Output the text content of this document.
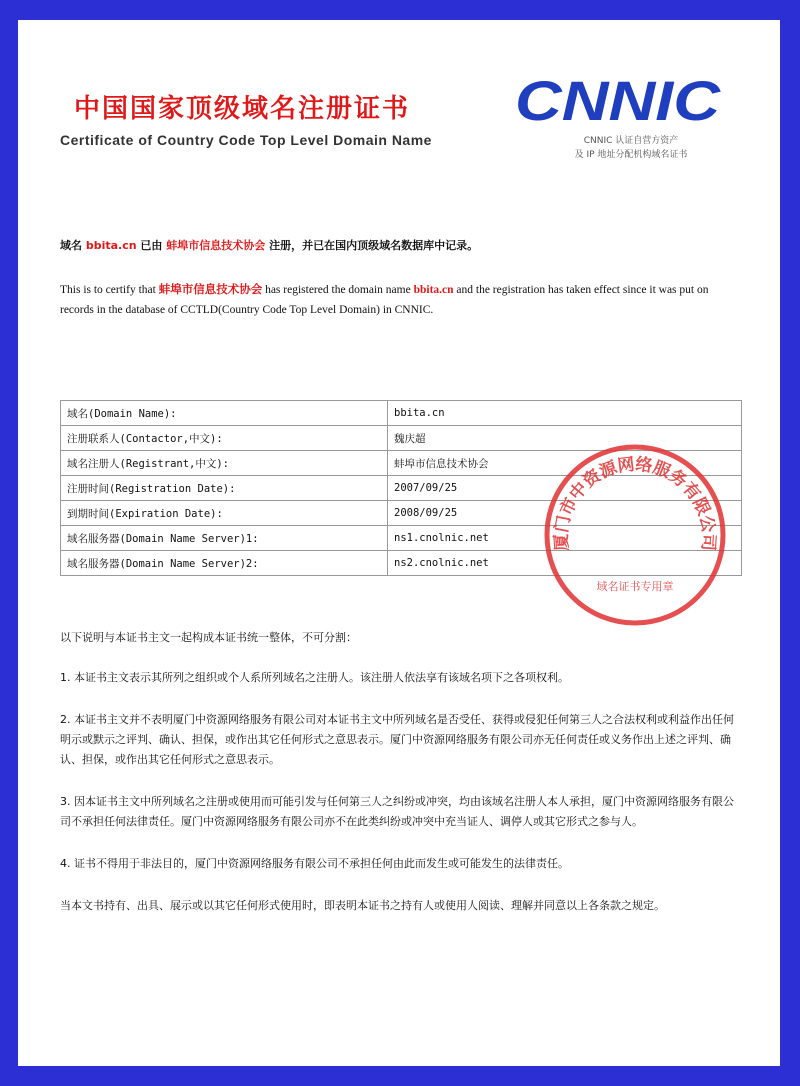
中国国家顶级域名注册证书
Certificate of Country Code Top Level Domain Name
CNNIC
CNNIC 认证自营方资产
及 IP 地址分配机构域名证书
域名 bbita.cn 已由 蚌埠市信息技术协会 注册，并已在国内顶级域名数据库中记录。
This is to certify that 蚌埠市信息技术协会 has registered the domain name bbita.cn and the registration has taken effect since it was put on records in the database of CCTLD(Country Code Top Level Domain) in CNNIC.
域名(Domain Name):	bbita.cn
注册联系人(Contactor,中文):	魏庆超
域名注册人(Registrant,中文):	蚌埠市信息技术协会
注册时间(Registration Date):	2007/09/25
到期时间(Expiration Date):	2008/09/25
域名服务器(Domain Name Server)1:	ns1.cnolnic.net
域名服务器(Domain Name Server)2:	ns2.cnolnic.net
厦门市中资源网络服务有限公司
域名证书专用章

以下说明与本证书主文一起构成本证书统一整体，不可分割：

1. 本证书主文表示其所列之组织或个人系所列域名之注册人。该注册人依法享有该域名项下之各项权利。

2. 本证书主文并不表明厦门中资源网络服务有限公司对本证书主文中所列域名是否受任、获得或侵犯任何第三人之合法权利或利益作出任何明示或默示之评判、确认、担保，或作出其它任何形式之意思表示。厦门中资源网络服务有限公司亦无任何责任或义务作出上述之评判、确认、担保，或作出其它任何形式之意思表示。

3. 因本证书主文中所列域名之注册或使用而可能引发与任何第三人之纠纷或冲突，均由该域名注册人本人承担，厦门中资源网络服务有限公司不承担任何法律责任。厦门中资源网络服务有限公司亦不在此类纠纷或冲突中充当证人、调停人或其它形式之参与人。

4. 证书不得用于非法目的，厦门中资源网络服务有限公司不承担任何由此而发生或可能发生的法律责任。

当本文书持有、出具、展示或以其它任何形式使用时，即表明本证书之持有人或使用人阅读、理解并同意以上各条款之规定。
